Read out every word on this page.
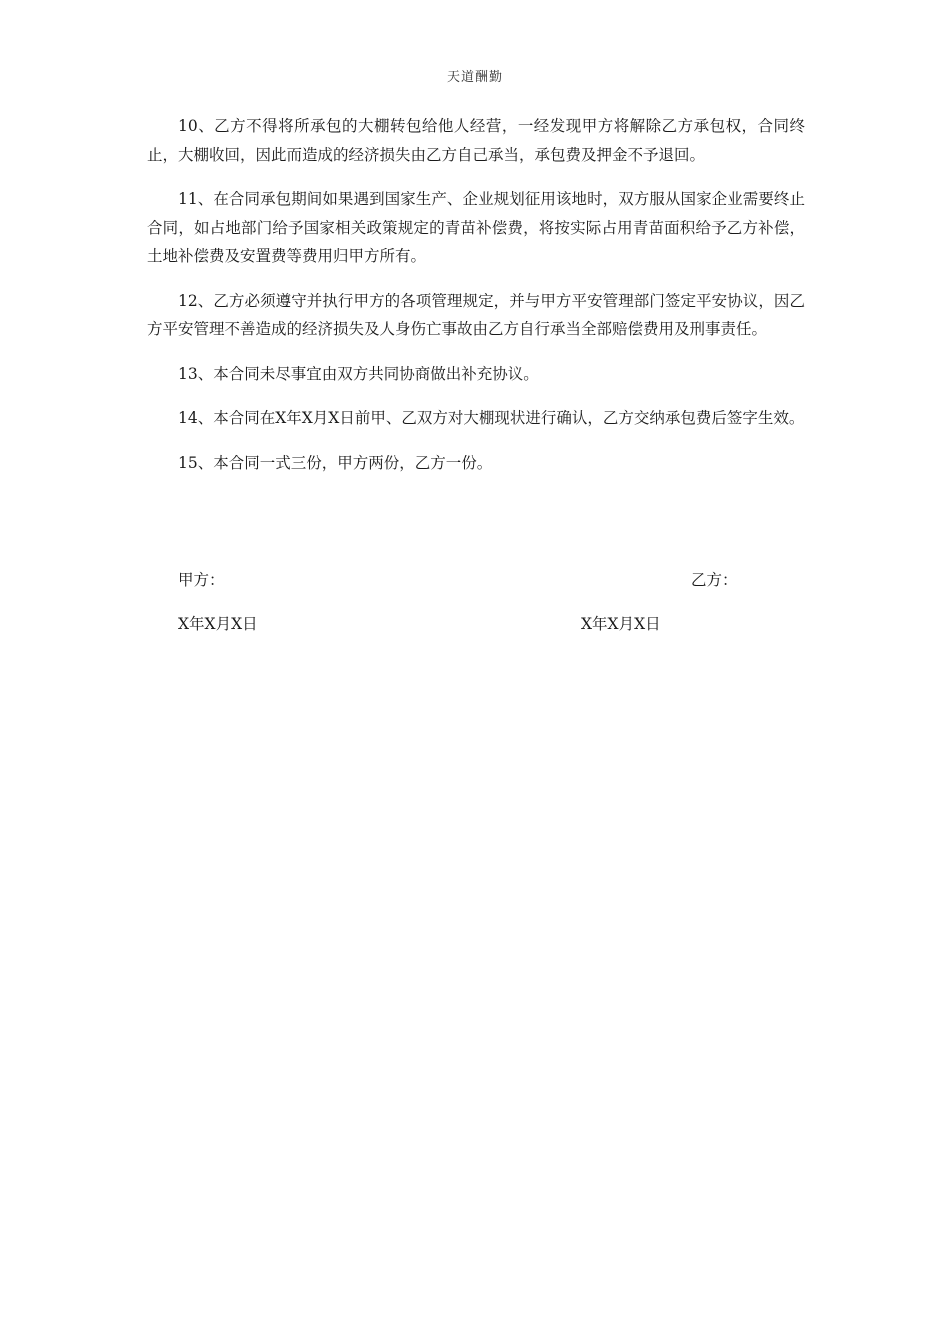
天道酬勤

10、乙方不得将所承包的大棚转包给他人经营，一经发现甲方将解除乙方承包权，合同终止，大棚收回，因此而造成的经济损失由乙方自己承当，承包费及押金不予退回。

11、在合同承包期间如果遇到国家生产、企业规划征用该地时，双方服从国家企业需要终止合同，如占地部门给予国家相关政策规定的青苗补偿费，将按实际占用青苗面积给予乙方补偿，土地补偿费及安置费等费用归甲方所有。

12、乙方必须遵守并执行甲方的各项管理规定，并与甲方平安管理部门签定平安协议，因乙方平安管理不善造成的经济损失及人身伤亡事故由乙方自行承当全部赔偿费用及刑事责任。

13、本合同未尽事宜由双方共同协商做出补充协议。

14、本合同在X年X月X日前甲、乙双方对大棚现状进行确认，乙方交纳承包费后签字生效。

15、本合同一式三份，甲方两份，乙方一份。

甲方：	乙方：
X年X月X日	X年X月X日
